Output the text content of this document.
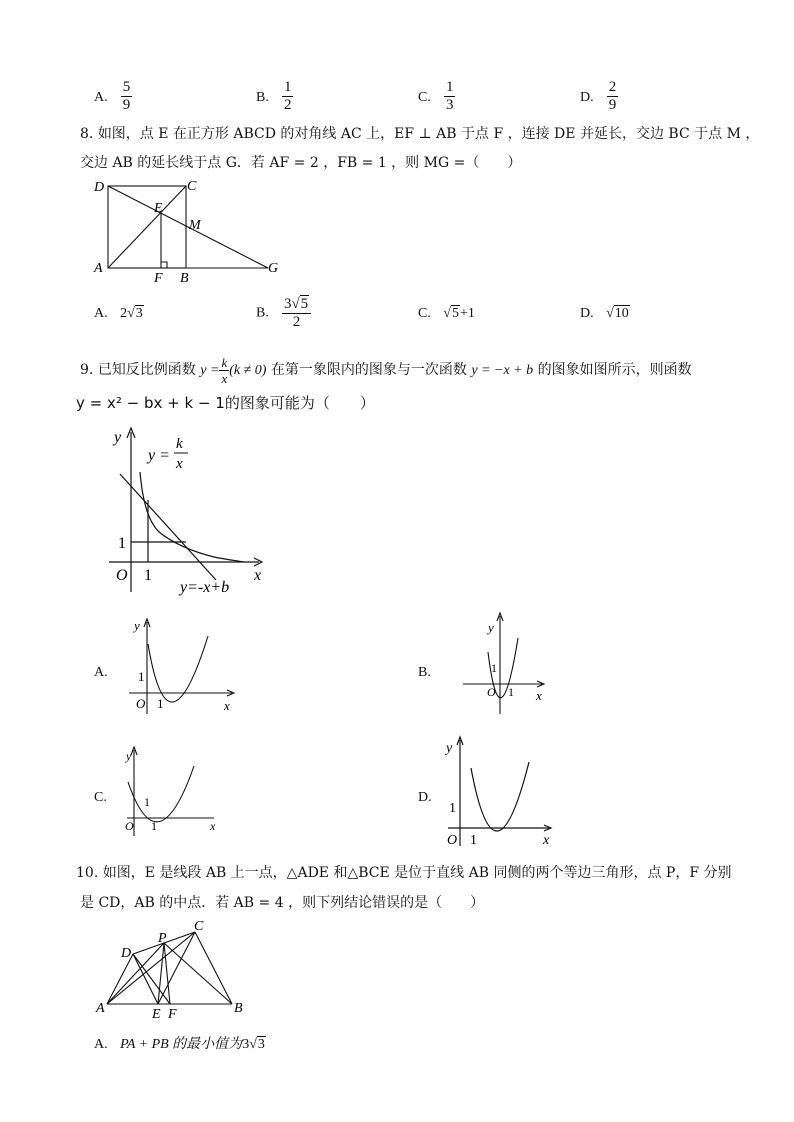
A. $\frac{5}{9}$	B. $\frac{1}{2}$	C. $\frac{1}{3}$	D. $\frac{2}{9}$
8. 如图，点 E 在正方形 ABCD 的对角线 AC 上，EF ⊥ AB 于点 F ，连接 DE 并延长，交边 BC 于点 M ，
交边 AB 的延长线于点 G．若 AF = 2 ，FB = 1 ，则 MG =（　　）
D	C
E
M
A
F B
G
A. 2√3	B. $\frac{3√5}{2}$	C. √5+1	D. √10
9. 已知反比例函数 $y = \frac{k}{x} (k \ne 0)$ 在第一象限内的图象与一次函数 y = −x + b 的图象如图所示，则函数
y = x² − bx + k − 1的图象可能为（　　）
y
x
O 1
1
y =
k
x
y=-x+b
A.
y
x
O 1
1	B.
y
x
O 1
1
C.
y
x
O 1
1	D.
y
x
O 1
1
10. 如图，E 是线段 AB 上一点，△ADE 和△BCE 是位于直线 AB 同侧的两个等边三角形，点 P，F 分别
是 CD，AB 的中点．若 AB = 4 ，则下列结论错误的是（　　）
A	B
C
D
E F
P
A. PA + PB 的最小值为3√3
